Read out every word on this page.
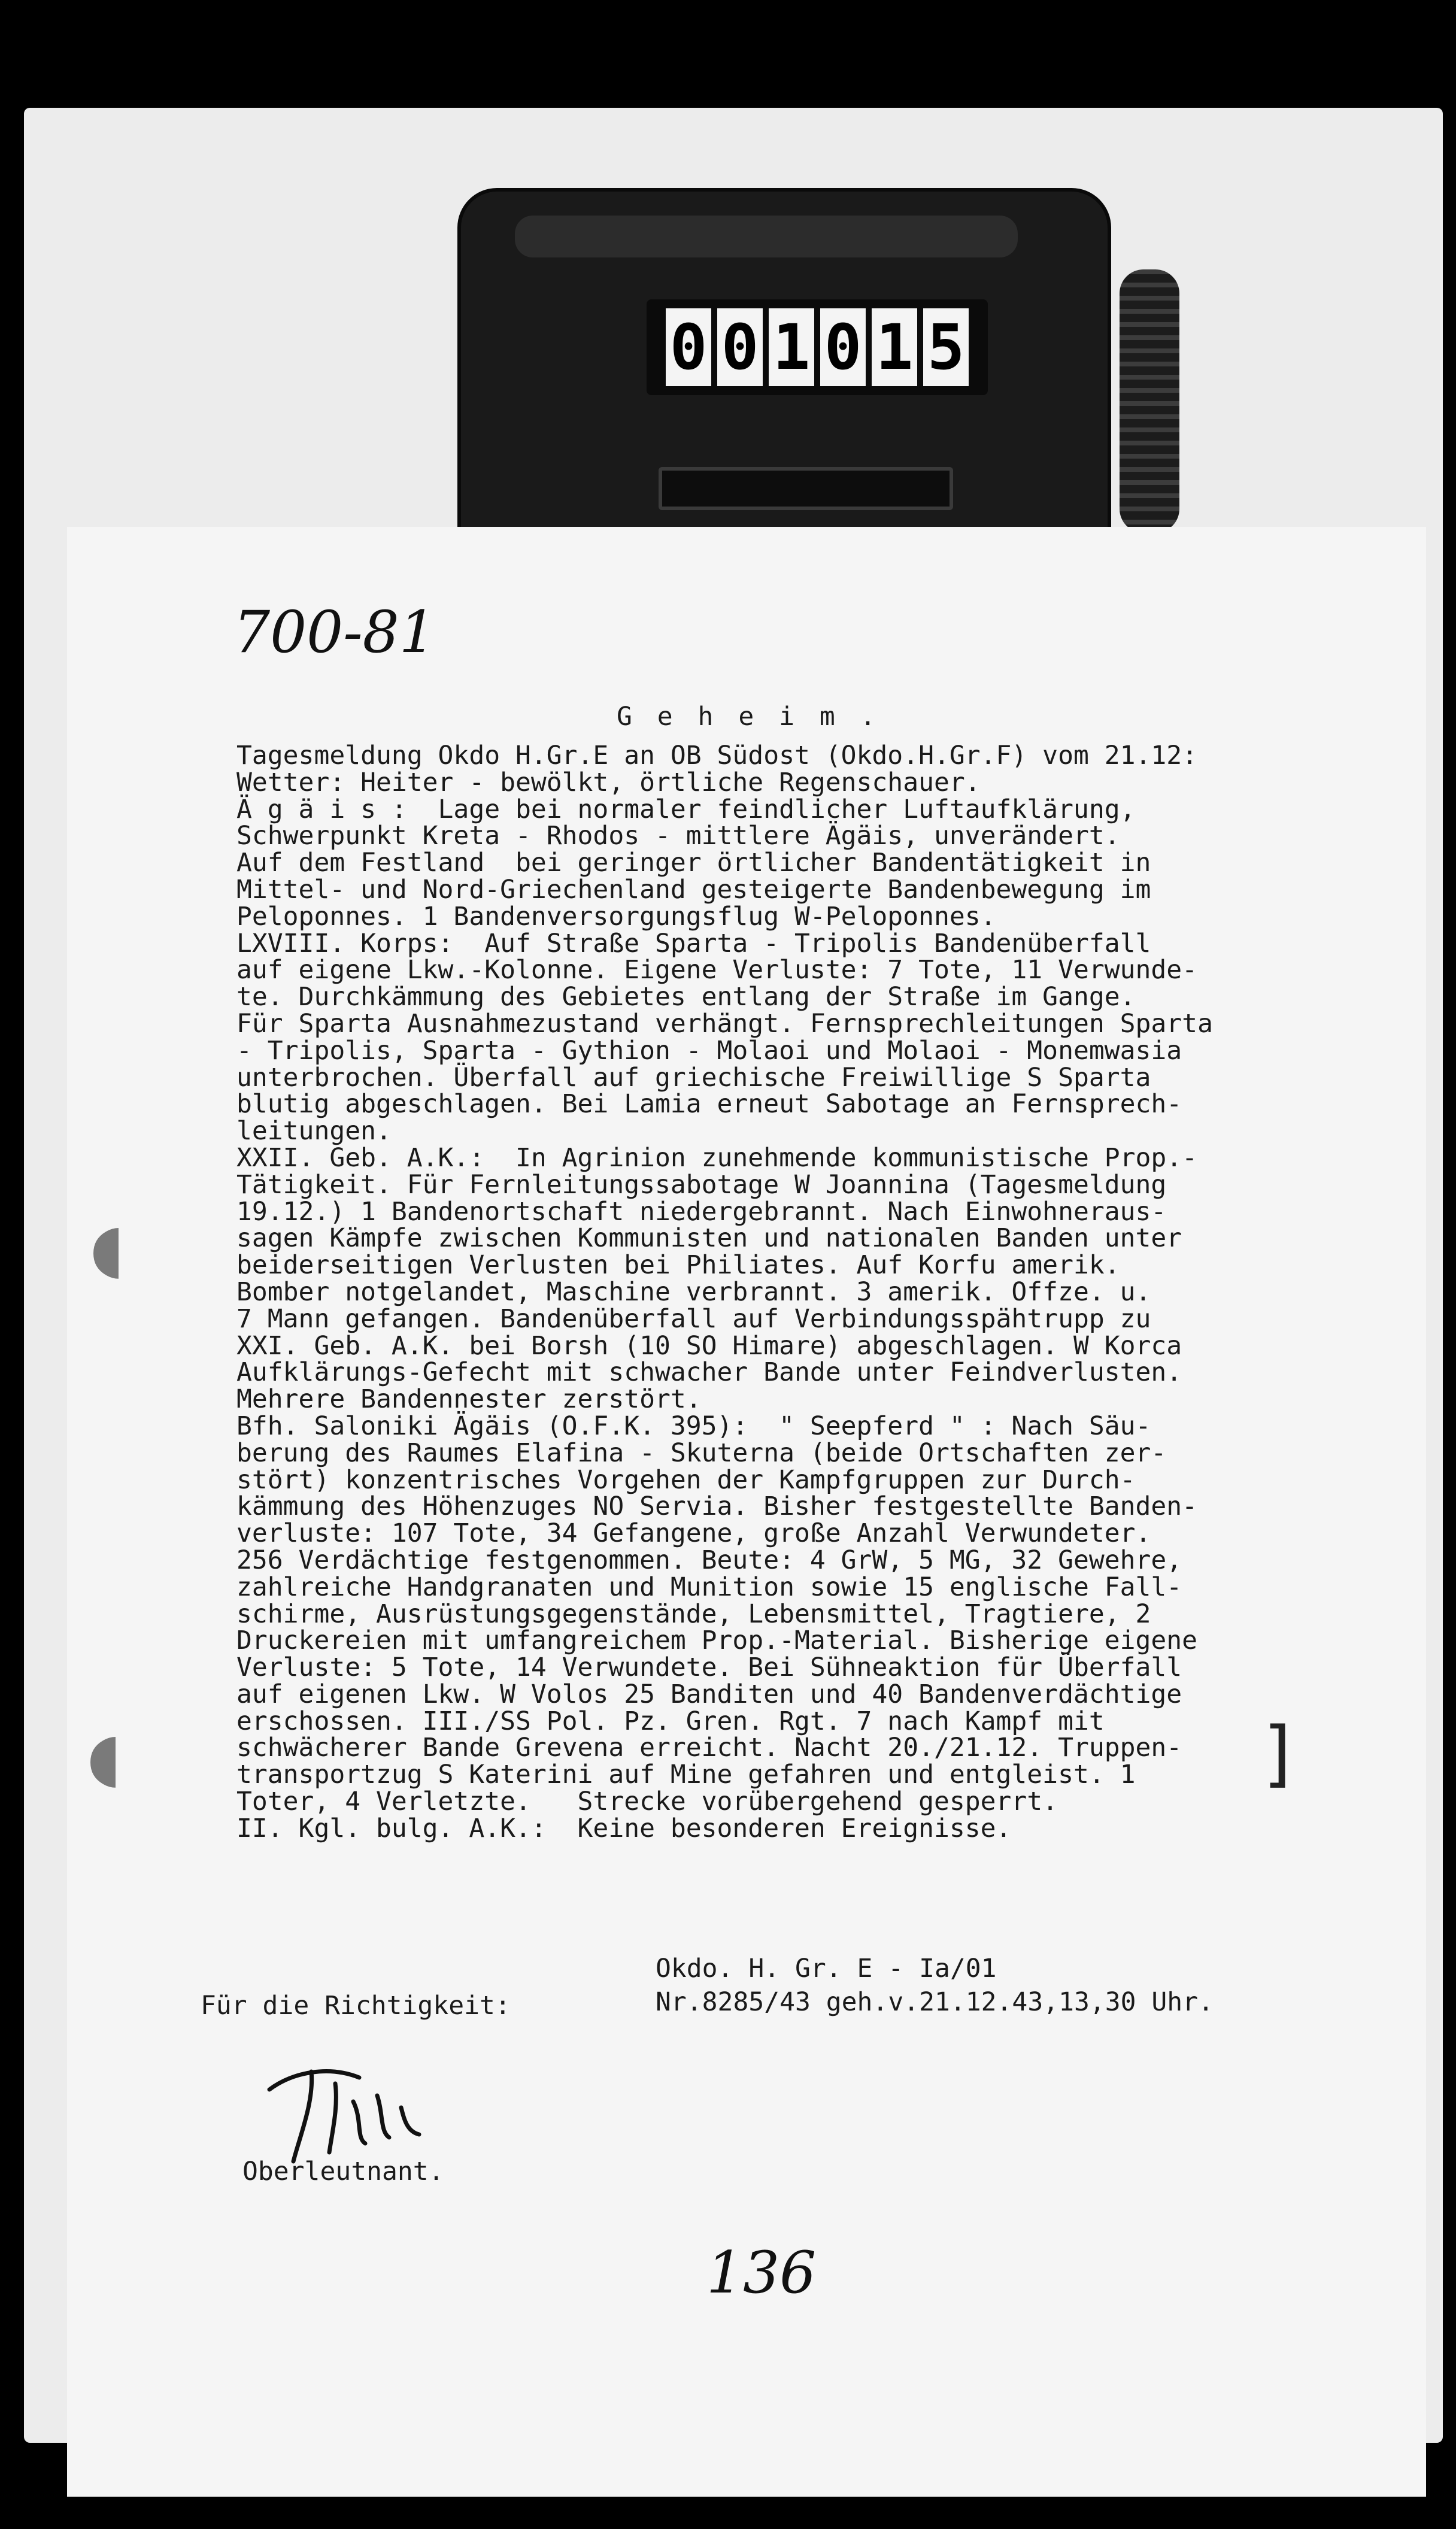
0 0 1 0 1 5
700-81
G e h e i m .
Tagesmeldung Okdo H.Gr.E an OB Südost (Okdo.H.Gr.F) vom 21.12:
Wetter: Heiter - bewölkt, örtliche Regenschauer.
Ä g ä i s :  Lage bei normaler feindlicher Luftaufklärung,
Schwerpunkt Kreta - Rhodos - mittlere Ägäis, unverändert.
Auf dem Festland  bei geringer örtlicher Bandentätigkeit in
Mittel- und Nord-Griechenland gesteigerte Bandenbewegung im
Peloponnes. 1 Bandenversorgungsflug W-Peloponnes.
LXVIII. Korps:  Auf Straße Sparta - Tripolis Bandenüberfall
auf eigene Lkw.-Kolonne. Eigene Verluste: 7 Tote, 11 Verwunde-
te. Durchkämmung des Gebietes entlang der Straße im Gange.
Für Sparta Ausnahmezustand verhängt. Fernsprechleitungen Sparta
- Tripolis, Sparta - Gythion - Molaoi und Molaoi - Monemwasia
unterbrochen. Überfall auf griechische Freiwillige S Sparta
blutig abgeschlagen. Bei Lamia erneut Sabotage an Fernsprech-
leitungen.
XXII. Geb. A.K.:  In Agrinion zunehmende kommunistische Prop.-
Tätigkeit. Für Fernleitungssabotage W Joannina (Tagesmeldung
19.12.) 1 Bandenortschaft niedergebrannt. Nach Einwohneraus-
sagen Kämpfe zwischen Kommunisten und nationalen Banden unter
beiderseitigen Verlusten bei Philiates. Auf Korfu amerik.
Bomber notgelandet, Maschine verbrannt. 3 amerik. Offze. u.
7 Mann gefangen. Bandenüberfall auf Verbindungsspähtrupp zu
XXI. Geb. A.K. bei Borsh (10 SO Himare) abgeschlagen. W Korca
Aufklärungs-Gefecht mit schwacher Bande unter Feindverlusten.
Mehrere Bandennester zerstört.
Bfh. Saloniki Ägäis (O.F.K. 395):  " Seepferd " : Nach Säu-
berung des Raumes Elafina - Skuterna (beide Ortschaften zer-
stört) konzentrisches Vorgehen der Kampfgruppen zur Durch-
kämmung des Höhenzuges NO Servia. Bisher festgestellte Banden-
verluste: 107 Tote, 34 Gefangene, große Anzahl Verwundeter.
256 Verdächtige festgenommen. Beute: 4 GrW, 5 MG, 32 Gewehre,
zahlreiche Handgranaten und Munition sowie 15 englische Fall-
schirme, Ausrüstungsgegenstände, Lebensmittel, Tragtiere, 2
Druckereien mit umfangreichem Prop.-Material. Bisherige eigene
Verluste: 5 Tote, 14 Verwundete. Bei Sühneaktion für Überfall
auf eigenen Lkw. W Volos 25 Banditen und 40 Bandenverdächtige
erschossen. III./SS Pol. Pz. Gren. Rgt. 7 nach Kampf mit
schwächerer Bande Grevena erreicht. Nacht 20./21.12. Truppen-
transportzug S Katerini auf Mine gefahren und entgleist. 1
Toter, 4 Verletzte.   Strecke vorübergehend gesperrt.
II. Kgl. bulg. A.K.:  Keine besonderen Ereignisse.
Okdo. H. Gr. E - Ia/01
Nr.8285/43 geh.v.21.12.43,13,30 Uhr.
Für die Richtigkeit:
Oberleutnant.
136
◖
◖	]
